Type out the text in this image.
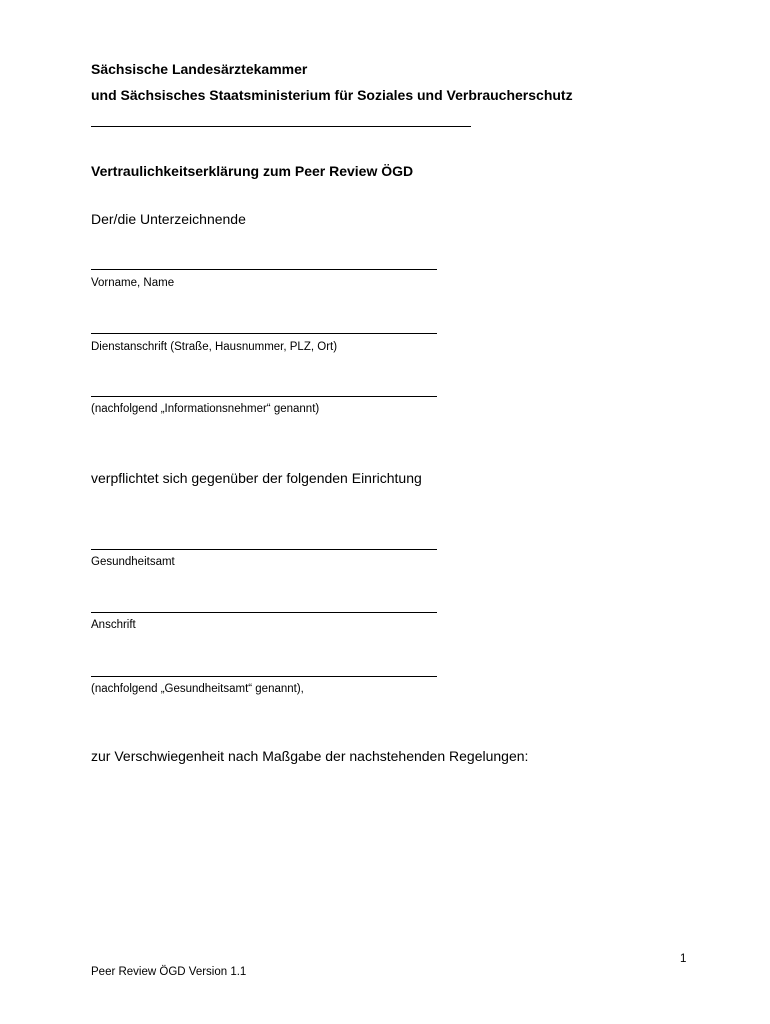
Sächsische Landesärztekammer
und Sächsisches Staatsministerium für Soziales und Verbraucherschutz
Vertraulichkeitserklärung zum Peer Review ÖGD
Der/die Unterzeichnende
Vorname, Name
Dienstanschrift (Straße, Hausnummer, PLZ, Ort)
(nachfolgend „Informationsnehmer“ genannt)
verpflichtet sich gegenüber der folgenden Einrichtung
Gesundheitsamt
Anschrift
(nachfolgend „Gesundheitsamt“ genannt),
zur Verschwiegenheit nach Maßgabe der nachstehenden Regelungen:
1
Peer Review ÖGD Version 1.1
